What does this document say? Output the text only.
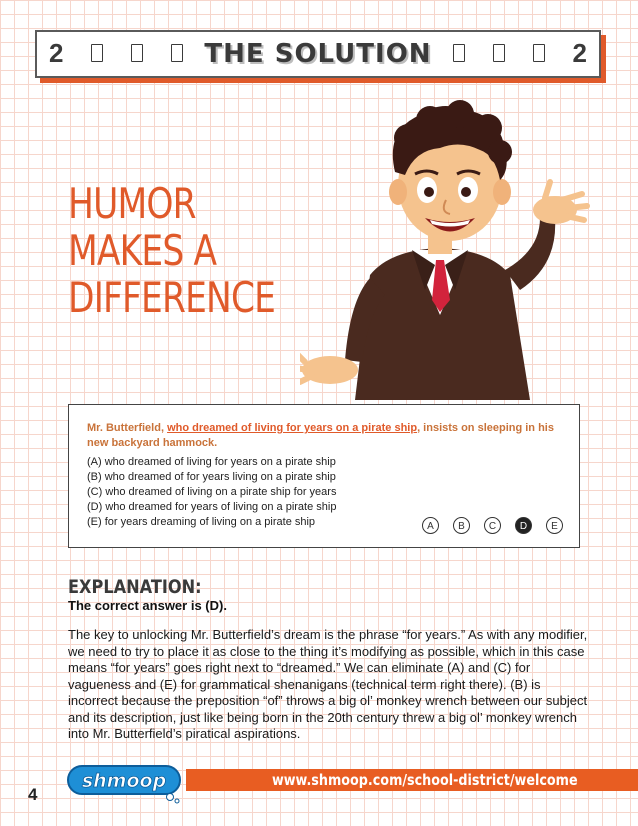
2	THE SOLUTION	2
HUMOR
MAKES A
DIFFERENCE
Mr. Butterfield, who dreamed of living for years on a pirate ship, insists on sleeping in his new backyard hammock.
(A) who dreamed of living for years on a pirate ship
(B) who dreamed of for years living on a pirate ship
(C) who dreamed of living on a pirate ship for years
(D) who dreamed for years of living on a pirate ship
(E) for years dreaming of living on a pirate ship	A	B	C	D	E
EXPLANATION:
The correct answer is (D).
The key to unlocking Mr. Butterfield’s dream is the phrase “for years.” As with any modifier, we need to try to place it as close to the thing it’s modifying as possible, which in this case means “for years” goes right next to “dreamed.” We can eliminate (A) and (C) for vagueness and (E) for grammatical shenanigans (technical term right there). (B) is incorrect because the preposition “of” throws a big ol’ monkey wrench between our subject and its description, just like being born in the 20th century threw a big ol’ monkey wrench into Mr. Butterfield’s piratical aspirations.
www.shmoop.com/school-district/welcome
shmoop
4
